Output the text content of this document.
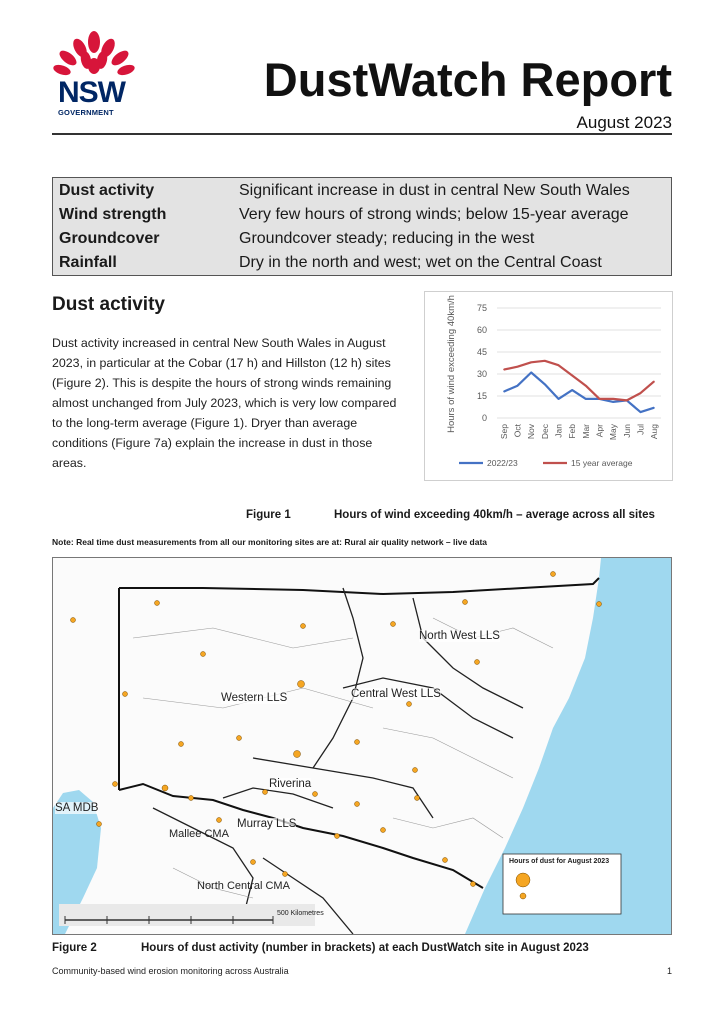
NSW
GOVERNMENT
DustWatch Report
August 2023
Dust activity	Significant increase in dust in central New South Wales
Wind strength	Very few hours of strong winds; below 15-year average
Groundcover	Groundcover steady; reducing in the west
Rainfall	Dry in the north and west; wet on the Central Coast
Dust activity
Dust activity increased in central New South Wales in August 2023, in particular at the Cobar (17 h) and Hillston (12 h) sites (Figure 2). This is despite the hours of strong winds remaining almost unchanged from July 2023, which is very low compared to the long-term average (Figure 1). Dryer than average conditions (Figure 7a) explain the increase in dust in those areas.
0
15
30
45
60
75
Sep Oct Nov Dec Jan Feb Mar Apr May Jun Jul Aug
Hours of wind exceeding 40km/h
2022/23	15 year average
Figure 1	Hours of wind exceeding 40km/h – average across all sites
Note: Real time dust measurements from all our monitoring sites are at: Rural air quality network – live data
North West LLS
Central West LLS
Western LLS
Riverina
Murray LLS
SA MDB
Mallee CMA
North Central CMA
Hours of dust for August 2023
500 Kilometres
Figure 2	Hours of dust activity (number in brackets) at each DustWatch site in August 2023
Community-based wind erosion monitoring across Australia	1
